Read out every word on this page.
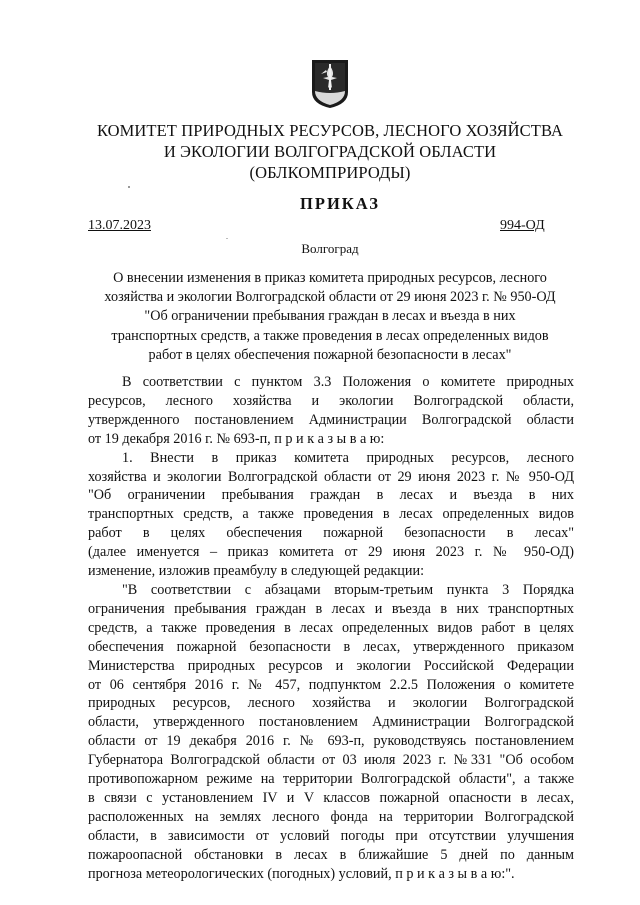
КОМИТЕТ ПРИРОДНЫХ РЕСУРСОВ, ЛЕСНОГО ХОЗЯЙСТВА
И ЭКОЛОГИИ ВОЛГОГРАДСКОЙ ОБЛАСТИ
(ОБЛКОМПРИРОДЫ)
ПРИКАЗ
13.07.2023	994-ОД
Волгоград
О внесении изменения в приказ комитета природных ресурсов, лесного
хозяйства и экологии Волгоградской области от 29 июня 2023 г. № 950-ОД
"Об ограничении пребывания граждан в лесах и въезда в них
транспортных средств, а также проведения в лесах определенных видов
работ в целях обеспечения пожарной безопасности в лесах"
В соответствии с пунктом 3.3 Положения о комитете природных
ресурсов, лесного хозяйства и экологии Волгоградской области,
утвержденного постановлением Администрации Волгоградской области
от 19 декабря 2016 г. № 693-п, п р и к а з ы в а ю:
1. Внести в приказ комитета природных ресурсов, лесного
хозяйства и экологии Волгоградской области от 29 июня 2023 г. № 950-ОД
"Об ограничении пребывания граждан в лесах и въезда в них
транспортных средств, а также проведения в лесах определенных видов
работ в целях обеспечения пожарной безопасности в лесах"
(далее именуется – приказ комитета от 29 июня 2023 г. № 950-ОД)
изменение, изложив преамбулу в следующей редакции:
"В соответствии с абзацами вторым-третьим пункта 3 Порядка
ограничения пребывания граждан в лесах и въезда в них транспортных
средств, а также проведения в лесах определенных видов работ в целях
обеспечения пожарной безопасности в лесах, утвержденного приказом
Министерства природных ресурсов и экологии Российской Федерации
от 06 сентября 2016 г. № 457, подпунктом 2.2.5 Положения о комитете
природных ресурсов, лесного хозяйства и экологии Волгоградской
области, утвержденного постановлением Администрации Волгоградской
области от 19 декабря 2016 г. № 693-п, руководствуясь постановлением
Губернатора Волгоградской области от 03 июля 2023 г. №331 "Об особом
противопожарном режиме на территории Волгоградской области", а также
в связи с установлением IV и V классов пожарной опасности в лесах,
расположенных на землях лесного фонда на территории Волгоградской
области, в зависимости от условий погоды при отсутствии улучшения
пожароопасной обстановки в лесах в ближайшие 5 дней по данным
прогноза метеорологических (погодных) условий, п р и к а з ы в а ю:".
